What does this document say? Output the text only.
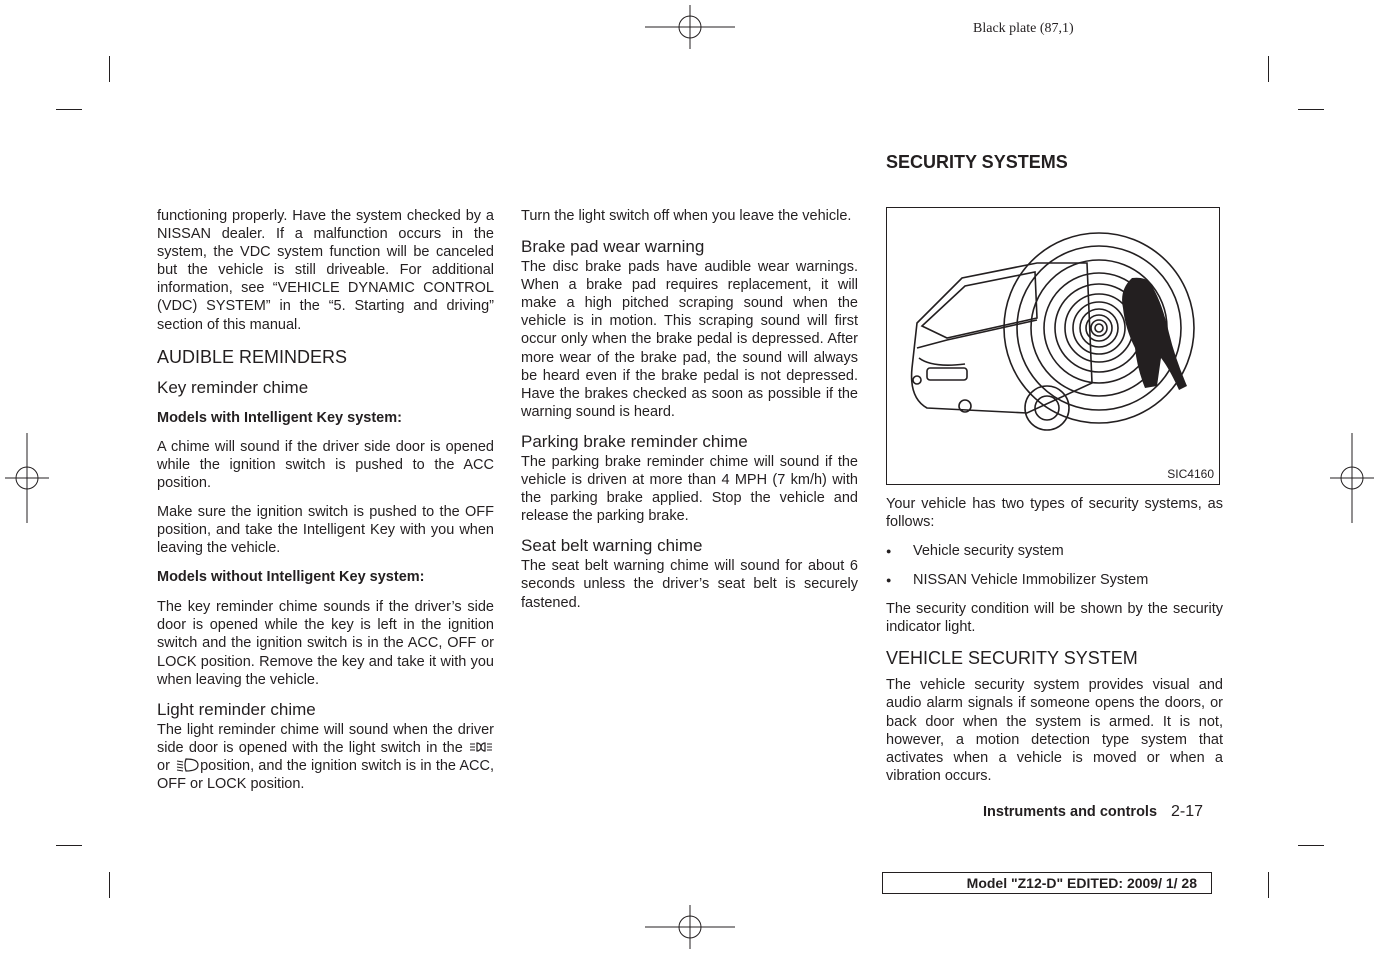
Black plate (87,1)

functioning properly. Have the system checked by a NISSAN dealer. If a malfunction occurs in the system, the VDC system function will be canceled but the vehicle is still driveable. For additional information, see “VEHICLE DYNAMIC CONTROL (VDC) SYSTEM” in the “5. Starting and driving” section of this manual.

AUDIBLE REMINDERS
Key reminder chime
Models with Intelligent Key system:

A chime will sound if the driver side door is opened while the ignition switch is pushed to the ACC position.

Make sure the ignition switch is pushed to the OFF position, and take the Intelligent Key with you when leaving the vehicle.

Models without Intelligent Key system:

The key reminder chime sounds if the driver’s side door is opened while the key is left in the ignition switch and the ignition switch is in the ACC, OFF or LOCK position. Remove the key and take it with you when leaving the vehicle.

Light reminder chime

The light reminder chime will sound when the driver side door is opened with the light switch in the or position, and the ignition switch is in the ACC, OFF or LOCK position.

Turn the light switch off when you leave the vehicle.

Brake pad wear warning

The disc brake pads have audible wear warnings. When a brake pad requires replacement, it will make a high pitched scraping sound when the vehicle is in motion. This scraping sound will first occur only when the brake pedal is depressed. After more wear of the brake pad, the sound will always be heard even if the brake pedal is not depressed. Have the brakes checked as soon as possible if the warning sound is heard.

Parking brake reminder chime

The parking brake reminder chime will sound if the vehicle is driven at more than 4 MPH (7 km/h) with the parking brake applied. Stop the vehicle and release the parking brake.

Seat belt warning chime

The seat belt warning chime will sound for about 6 seconds unless the driver’s seat belt is securely fastened.

SECURITY SYSTEMS
SIC4160

Your vehicle has two types of security systems, as follows:

● Vehicle security system
● NISSAN Vehicle Immobilizer System

The security condition will be shown by the security indicator light.

VEHICLE SECURITY SYSTEM

The vehicle security system provides visual and audio alarm signals if someone opens the doors, or back door when the system is armed. It is not, however, a motion detection type system that activates when a vehicle is moved or when a vibration occurs.

Instruments and controls 2-17
Model "Z12-D" EDITED: 2009/ 1/ 28
